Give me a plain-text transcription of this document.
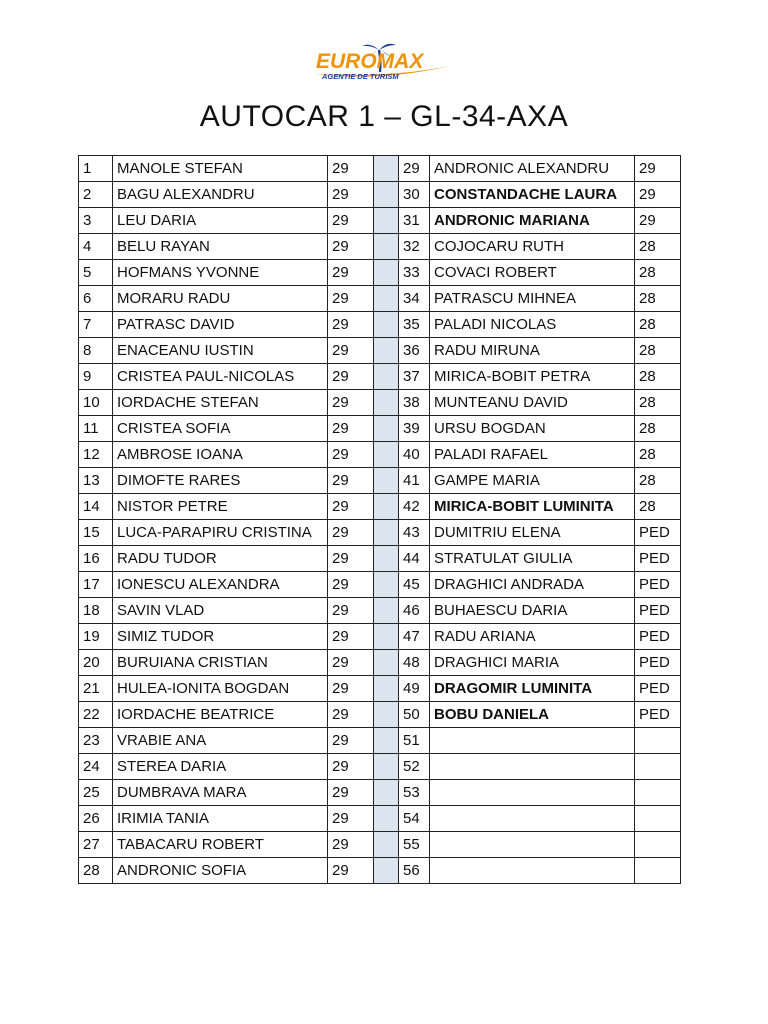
EUROMAX
AGENTIE DE TURISM
AUTOCAR 1 – GL-34-AXA
1	MANOLE STEFAN	29		29	ANDRONIC ALEXANDRU	29
2	BAGU ALEXANDRU	29		30	CONSTANDACHE LAURA	29
3	LEU DARIA	29		31	ANDRONIC MARIANA	29
4	BELU RAYAN	29		32	COJOCARU RUTH	28
5	HOFMANS YVONNE	29		33	COVACI ROBERT	28
6	MORARU RADU	29		34	PATRASCU MIHNEA	28
7	PATRASC DAVID	29		35	PALADI NICOLAS	28
8	ENACEANU IUSTIN	29		36	RADU MIRUNA	28
9	CRISTEA PAUL-NICOLAS	29		37	MIRICA-BOBIT PETRA	28
10	IORDACHE STEFAN	29		38	MUNTEANU DAVID	28
11	CRISTEA SOFIA	29		39	URSU BOGDAN	28
12	AMBROSE IOANA	29		40	PALADI RAFAEL	28
13	DIMOFTE RARES	29		41	GAMPE MARIA	28
14	NISTOR PETRE	29		42	MIRICA-BOBIT LUMINITA	28
15	LUCA-PARAPIRU CRISTINA	29		43	DUMITRIU ELENA	PED
16	RADU TUDOR	29		44	STRATULAT GIULIA	PED
17	IONESCU ALEXANDRA	29		45	DRAGHICI ANDRADA	PED
18	SAVIN VLAD	29		46	BUHAESCU DARIA	PED
19	SIMIZ TUDOR	29		47	RADU ARIANA	PED
20	BURUIANA CRISTIAN	29		48	DRAGHICI MARIA	PED
21	HULEA-IONITA BOGDAN	29		49	DRAGOMIR LUMINITA	PED
22	IORDACHE BEATRICE	29		50	BOBU DANIELA	PED
23	VRABIE ANA	29		51		
24	STEREA DARIA	29		52		
25	DUMBRAVA MARA	29		53		
26	IRIMIA TANIA	29		54		
27	TABACARU ROBERT	29		55		
28	ANDRONIC SOFIA	29		56		
